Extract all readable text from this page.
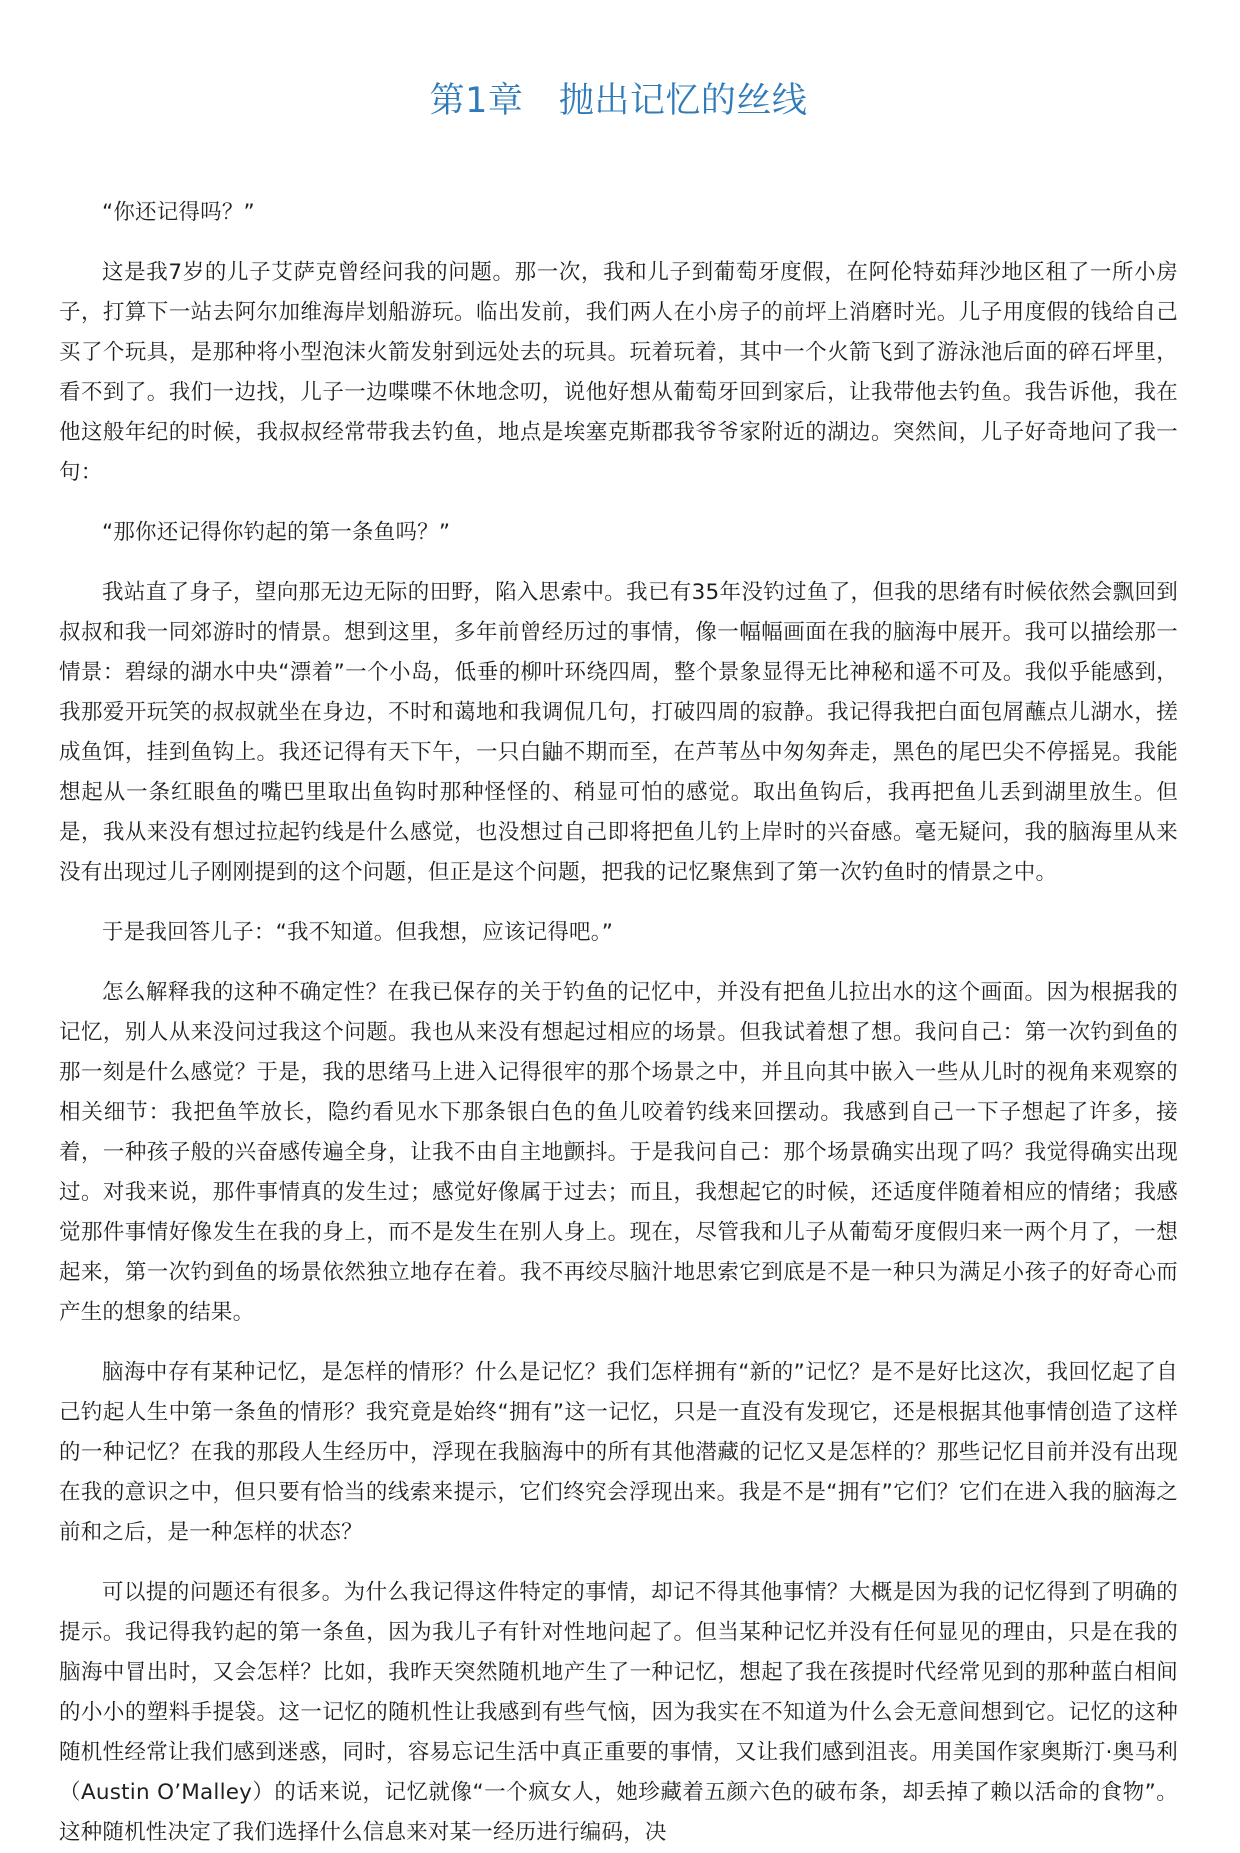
第1章　抛出记忆的丝线

“你还记得吗？”

这是我7岁的儿子艾萨克曾经问我的问题。那一次，我和儿子到葡萄牙度假，在阿伦特茹拜沙地区租了一所小房子，打算下一站去阿尔加维海岸划船游玩。临出发前，我们两人在小房子的前坪上消磨时光。儿子用度假的钱给自己买了个玩具，是那种将小型泡沫火箭发射到远处去的玩具。玩着玩着，其中一个火箭飞到了游泳池后面的碎石坪里，看不到了。我们一边找，儿子一边喋喋不休地念叨，说他好想从葡萄牙回到家后，让我带他去钓鱼。我告诉他，我在他这般年纪的时候，我叔叔经常带我去钓鱼，地点是埃塞克斯郡我爷爷家附近的湖边。突然间，儿子好奇地问了我一句：

“那你还记得你钓起的第一条鱼吗？”

我站直了身子，望向那无边无际的田野，陷入思索中。我已有35年没钓过鱼了，但我的思绪有时候依然会飘回到叔叔和我一同郊游时的情景。想到这里，多年前曾经历过的事情，像一幅幅画面在我的脑海中展开。我可以描绘那一情景：碧绿的湖水中央“漂着”一个小岛，低垂的柳叶环绕四周，整个景象显得无比神秘和遥不可及。我似乎能感到，我那爱开玩笑的叔叔就坐在身边，不时和蔼地和我调侃几句，打破四周的寂静。我记得我把白面包屑蘸点儿湖水，搓成鱼饵，挂到鱼钩上。我还记得有天下午，一只白鼬不期而至，在芦苇丛中匆匆奔走，黑色的尾巴尖不停摇晃。我能想起从一条红眼鱼的嘴巴里取出鱼钩时那种怪怪的、稍显可怕的感觉。取出鱼钩后，我再把鱼儿丢到湖里放生。但是，我从来没有想过拉起钓线是什么感觉，也没想过自己即将把鱼儿钓上岸时的兴奋感。毫无疑问，我的脑海里从来没有出现过儿子刚刚提到的这个问题，但正是这个问题，把我的记忆聚焦到了第一次钓鱼时的情景之中。

于是我回答儿子：“我不知道。但我想，应该记得吧。”

怎么解释我的这种不确定性？在我已保存的关于钓鱼的记忆中，并没有把鱼儿拉出水的这个画面。因为根据我的记忆，别人从来没问过我这个问题。我也从来没有想起过相应的场景。但我试着想了想。我问自己：第一次钓到鱼的那一刻是什么感觉？于是，我的思绪马上进入记得很牢的那个场景之中，并且向其中嵌入一些从儿时的视角来观察的相关细节：我把鱼竿放长，隐约看见水下那条银白色的鱼儿咬着钓线来回摆动。我感到自己一下子想起了许多，接着，一种孩子般的兴奋感传遍全身，让我不由自主地颤抖。于是我问自己：那个场景确实出现了吗？我觉得确实出现过。对我来说，那件事情真的发生过；感觉好像属于过去；而且，我想起它的时候，还适度伴随着相应的情绪；我感觉那件事情好像发生在我的身上，而不是发生在别人身上。现在，尽管我和儿子从葡萄牙度假归来一两个月了，一想起来，第一次钓到鱼的场景依然独立地存在着。我不再绞尽脑汁地思索它到底是不是一种只为满足小孩子的好奇心而产生的想象的结果。

脑海中存有某种记忆，是怎样的情形？什么是记忆？我们怎样拥有“新的”记忆？是不是好比这次，我回忆起了自己钓起人生中第一条鱼的情形？我究竟是始终“拥有”这一记忆，只是一直没有发现它，还是根据其他事情创造了这样的一种记忆？在我的那段人生经历中，浮现在我脑海中的所有其他潜藏的记忆又是怎样的？那些记忆目前并没有出现在我的意识之中，但只要有恰当的线索来提示，它们终究会浮现出来。我是不是“拥有”它们？它们在进入我的脑海之前和之后，是一种怎样的状态？

可以提的问题还有很多。为什么我记得这件特定的事情，却记不得其他事情？大概是因为我的记忆得到了明确的提示。我记得我钓起的第一条鱼，因为我儿子有针对性地问起了。但当某种记忆并没有任何显见的理由，只是在我的脑海中冒出时，又会怎样？比如，我昨天突然随机地产生了一种记忆，想起了我在孩提时代经常见到的那种蓝白相间的小小的塑料手提袋。这一记忆的随机性让我感到有些气恼，因为我实在不知道为什么会无意间想到它。记忆的这种随机性经常让我们感到迷惑，同时，容易忘记生活中真正重要的事情，又让我们感到沮丧。用美国作家奥斯汀·奥马利（Austin O’Malley）的话来说，记忆就像“一个疯女人，她珍藏着五颜六色的破布条，却丢掉了赖以活命的食物”。这种随机性决定了我们选择什么信息来对某一经历进行编码，决
